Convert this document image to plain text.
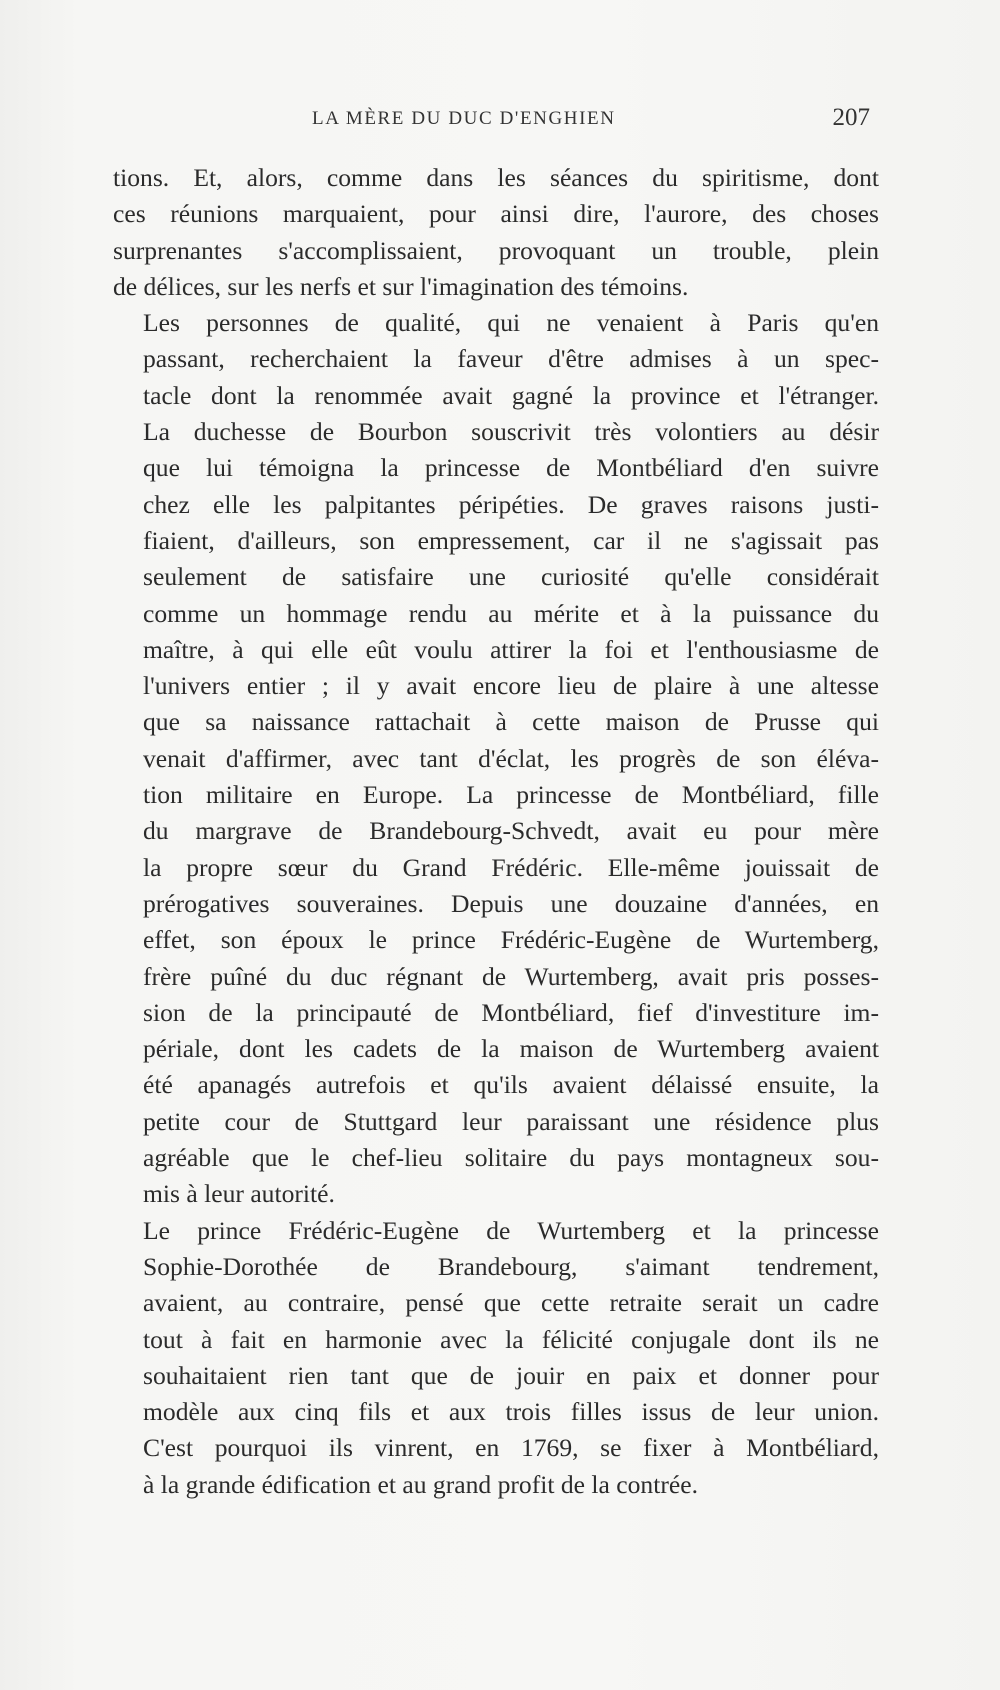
LA MÈRE DU DUC D'ENGHIEN	207

tions. Et, alors, comme dans les séances du spiritisme, dont
ces réunions marquaient, pour ainsi dire, l'aurore, des choses
surprenantes s'accomplissaient, provoquant un trouble, plein
de délices, sur les nerfs et sur l'imagination des témoins.

Les personnes de qualité, qui ne venaient à Paris qu'en
passant, recherchaient la faveur d'être admises à un spec-
tacle dont la renommée avait gagné la province et l'étranger.
La duchesse de Bourbon souscrivit très volontiers au désir
que lui témoigna la princesse de Montbéliard d'en suivre
chez elle les palpitantes péripéties. De graves raisons justi-
fiaient, d'ailleurs, son empressement, car il ne s'agissait pas
seulement de satisfaire une curiosité qu'elle considérait
comme un hommage rendu au mérite et à la puissance du
maître, à qui elle eût voulu attirer la foi et l'enthousiasme de
l'univers entier ; il y avait encore lieu de plaire à une altesse
que sa naissance rattachait à cette maison de Prusse qui
venait d'affirmer, avec tant d'éclat, les progrès de son éléva-
tion militaire en Europe. La princesse de Montbéliard, fille
du margrave de Brandebourg-Schvedt, avait eu pour mère
la propre sœur du Grand Frédéric. Elle-même jouissait de
prérogatives souveraines. Depuis une douzaine d'années, en
effet, son époux le prince Frédéric-Eugène de Wurtemberg,
frère puîné du duc régnant de Wurtemberg, avait pris posses-
sion de la principauté de Montbéliard, fief d'investiture im-
périale, dont les cadets de la maison de Wurtemberg avaient
été apanagés autrefois et qu'ils avaient délaissé ensuite, la
petite cour de Stuttgard leur paraissant une résidence plus
agréable que le chef-lieu solitaire du pays montagneux sou-
mis à leur autorité.

Le prince Frédéric-Eugène de Wurtemberg et la princesse
Sophie-Dorothée de Brandebourg, s'aimant tendrement,
avaient, au contraire, pensé que cette retraite serait un cadre
tout à fait en harmonie avec la félicité conjugale dont ils ne
souhaitaient rien tant que de jouir en paix et donner pour
modèle aux cinq fils et aux trois filles issus de leur union.
C'est pourquoi ils vinrent, en 1769, se fixer à Montbéliard,
à la grande édification et au grand profit de la contrée.
